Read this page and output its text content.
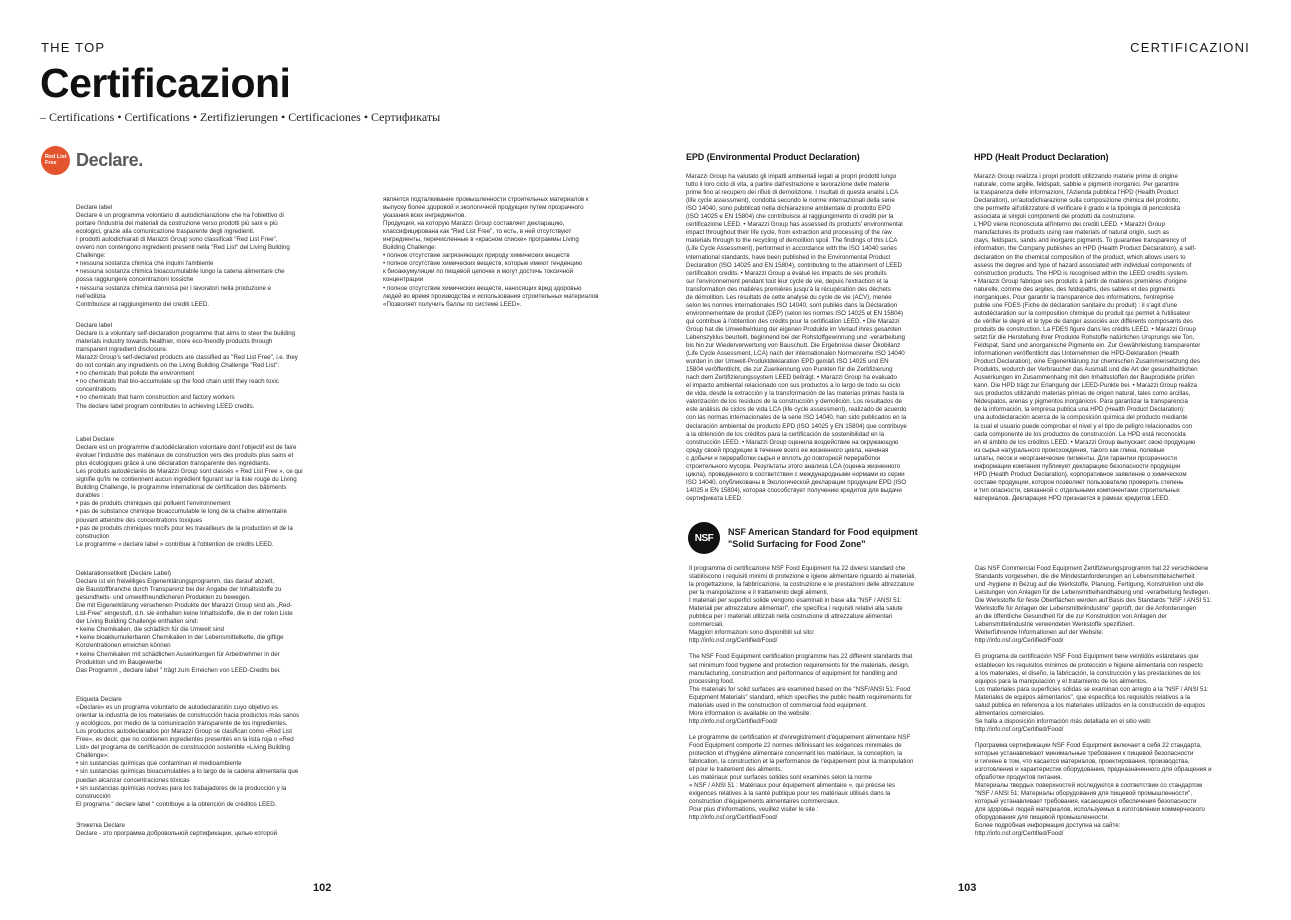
THE TOP	CERTIFICAZIONI
Certificazioni
– Certifications • Certifications • Zertifizierungen • Certificaciones • Сертификаты
Red List Free	Declare.

Declare label
Declare è un programma volontario di autodichiarazione che ha l'obiettivo di
portare l'industria dei materiali da costruzione verso prodotti più sani e più
ecologici, grazie alla comunicazione trasparente degli ingredienti.
I prodotti autodichiarati di Marazzi Group sono classificati "Red List Free",
ovvero non contengono ingredienti presenti nella "Red List" del Living Building
Challenge:
• nessuna sostanza chimica che inquini l'ambiente
• nessuna sostanza chimica bioaccumulabile lungo la catena alimentare che
possa raggiungere concentrazioni tossiche
• nessuna sostanza chimica dannosa per i lavoratori nella produzione e
nell'edilizia
Contribuisce al raggiungimento dei crediti LEED.

Declare label
Declare is a voluntary self-declaration programme that aims to steer the building
materials industry towards healthier, more eco-friendly products through
transparent ingredient disclosure.
Marazzi Group's self-declared products are classified as "Red List Free", i.e. they
do not contain any ingredients on the Living Building Challenge "Red List":
• no chemicals that pollute the environment
• no chemicals that bio-accumulate up the food chain until they reach toxic
concentrations
• no chemicals that harm construction and factory workers
The declare label program contributes to achieving LEED credits.

Label Declare
Declare est un programme d'autodéclaration volontaire dont l'objectif est de faire
évoluer l'industrie des matériaux de construction vers des produits plus sains et
plus écologiques grâce à une déclaration transparente des ingrédiants.
Les produits autodéclarés de Marazzi Group sont classés « Red List Free », ce qui
signifie qu'ils ne contiennent aucun ingrédient figurant sur la liste rouge du Living
Building Challenge, le programme international de certification des bâtiments
durables :
• pas de produits chimiques qui polluent l'environnement
• pas de substance chimique bioaccumulable le long de la chaîne alimentaire
pouvant atteindre des concentrations toxiques
• pas de produits chimiques nocifs pour les travailleurs de la production et de la
construction
Le programme « declare label » contribue à l'obtention de crédits LEED.

Deklarationsetikett (Declare Label)
Declare ist ein freiwilliges Eigenerklärungsprogramm, das darauf abzielt,
die Baustoffbranche durch Transparenz bei der Angabe der Inhaltsstoffe zu
gesundheits- und umweltfreundlicheren Produkten zu bewegen.
Die mit Eigenerklärung versehenen Produkte der Marazzi Group sind als „Red-
List-Free" eingestuft, d.h. sie enthalten keine Inhaltsstoffe, die in der roten Liste
der Living Building Challenge enthalten sind:
• keine Chemikalien, die schädlich für die Umwelt sind
• keine bioakkumulierbaren Chemikalien in der Lebensmittelkette, die giftige
Konzentrationen erreichen können
• keine Chemikalien mit schädlichen Auswirkungen für Arbeitnehmer in der
Produktion und im Baugewerbe
Das Programm „ declare label " trägt zum Erreichen von LEED-Credits bei.

Etiqueta Declare
«Declare» es un programa voluntario de autodeclaración cuyo objetivo es
orientar la industria de los materiales de construcción hacia productos más sanos
y ecológicos, por medio de la comunicación transparente de los ingredientes.
Los productos autodeclarados por Marazzi Group se clasifican como «Red List
Free», es decir, que no contienen ingredientes presentes en la lista roja o «Red
List» del programa de certificación de construcción sostenible «Living Building
Challenge»:
• sin sustancias químicas que contaminan el medioambiente
• sin sustancias químicas bioacumulables a lo largo de la cadena alimentaria que
puedan alcanzar concentraciones tóxicas
• sin sustancias químicas nocivas para los trabajadores de la producción y la
construcción
El programa " declare label " contribuye a la obtención de créditos LEED.

Этикетка Declare
Declare - это программа добровольной сертификации, целью которой

является подталкивание промышленности строительных материалов к
выпуску более здоровой и экологичной продукции путем прозрачного
указания всех ингредиентов.
Продукция, на которую Marazzi Group составляет декларацию,
классифицирована как "Red List Free", то есть, в ней отсутствуют
ингредиенты, перечисленные в «красном списке» программы Living
Building Challenge:
• полное отсутствие загрязняющих природу химических веществ
• полное отсутствие химических веществ, которые имеют тенденцию
к биоаккумуляции по пищевой цепочке и могут достичь токсичной
концентрации
• полное отсутствие химических веществ, наносящих вред здоровью
людей во время производства и использования строительных материалов
«Позволяет получить баллы по системе LEED».
EPD (Environmental Product Declaration)
Marazzi Group ha valutato gli impatti ambientali legati ai propri prodotti lungo
tutto il loro ciclo di vita, a partire dall'estrazione e lavorazione delle materie
prime fino al recupero dei rifiuti di demolizione. I risultati di questa analisi LCA
(life cycle assessment), condotta secondo le norme internazionali della serie
ISO 14040, sono pubblicati nella dichiarazione ambientale di prodotto EPD
(ISO 14025 e EN 15804) che contribuisce al raggiungimento di crediti per la
certificazione LEED. • Marazzi Group has assessed its products' environmental
impact throughout their life cycle, from extraction and processing of the raw
materials through to the recycling of demolition spoil. The findings of this LCA
(Life Cycle Assessment), performed in accordance with the ISO 14040 series
international standards, have been published in the Environmental Product
Declaration (ISO 14025 and EN 15804), contributing to the attainment of LEED
certification credits. • Marazzi Group a évalué les impacts de ses produits
sur l'environnement pendant tout leur cycle de vie, depuis l'extraction et la
transformation des matières premières jusqu'à la récupération des déchets
de démolition. Les résultats de cette analyse du cycle de vie (ACV), menée
selon les normes internationales ISO 14040, sont publiés dans la Déclaration
environnementale de produit (DEP) (selon les normes ISO 14025 et EN 15804)
qui contribue à l'obtention des crédits pour la certification LEED. • Die Marazzi
Group hat die Umweltwirkung der eigenen Produkte im Verlauf ihres gesamten
Lebenszyklus beurteilt, beginnend bei der Rohstoffgewinnung und -verarbeitung
bis hin zur Wiederverwertung von Bauschutt. Die Ergebnisse dieser Ökobilanz
(Life Cycle Assessment, LCA) nach der internationalen Normenreihe ISO 14040
wurden in der Umwelt-Produktdeklaration EPD gemäß ISO 14025 und EN
15804 veröffentlicht, die zur Zuerkennung von Punkten für die Zertifizierung
nach dem Zertifizierungssystem LEED beiträgt. • Marazzi Group ha evaluado
el impacto ambiental relacionado con sus productos a lo largo de todo su ciclo
de vida, desde la extracción y la transformación de las materias primas hasta la
valorización de los residuos de la construcción y demolición. Los resultados de
este análisis de ciclos de vida LCA (life cycle assessment), realizado de acuerdo
con las normas internacionales de la serie ISO 14040, han sido publicados en la
declaración ambiental de producto EPD (ISO 14025 y EN 15804) que contribuye
a la obtención de los créditos para la certificación de sostenibilidad en la
construcción LEED. • Marazzi Group оценила воздействие на окружающую
среду своей продукции в течение всего ее жизненного цикла, начиная
с добычи и переработки сырья и вплоть до повторной переработки
строительного мусора. Результаты этого анализа LCA (оценка жизненного
цикла), проведенного в соответствии с международными нормами из серии
ISO 14040, опубликованы в Экологической декларации продукции EPD (ISO
14025 и EN 15804), которая способствует получению кредитов для выдачи
сертификата LEED.
HPD (Healt Product Declaration)
Marazzi Group realizza i propri prodotti utilizzando materie prime di origine
naturale, come argille, feldspati, sabbie e pigmenti inorganici. Per garantire
la trasparenza delle informazioni, l'Azienda pubblica l'HPD (Health Product
Declaration), un'autodichiarazione sulla composizione chimica del prodotto,
che permette all'utilizzatore di verificare il grado e la tipologia di pericolosità
associata ai singoli componenti dei prodotti da costruzione.
L'HPD viene riconosciuta all'interno dei crediti LEED. • Marazzi Group
manufactures its products using raw materials of natural origin, such as
clays, feldspars, sands and inorganic pigments. To guarantee transparency of
information, the Company publishes an HPD (Health Product Declaration), a self-
declaration on the chemical composition of the product, which allows users to
assess the degree and type of hazard associated with individual components of
construction products. The HPD is recognised within the LEED credits system.
• Marazzi Group fabrique ses produits à partir de matières premières d'origine
naturelle, comme des argiles, des feldspaths, des sables et des pigments
inorganiques. Pour garantir la transparence des informations, l'entreprise
publie une FDES (Fiche de déclaration sanitaire du produit) : il s'agit d'une
autodéclaration sur la composition chimique du produit qui permet à l'utilisateur
de vérifier le degré et le type de danger associés aux différents composants des
produits de construction. La FDES figure dans les crédits LEED. • Marazzi Group
setzt für die Herstellung ihrer Produkte Rohstoffe natürlichen Ursprungs wie Ton,
Feldspat, Sand und anorganische Pigmente ein. Zur Gewährleistung transparenter
Informationen veröffentlicht das Unternehmen die HPD-Deklaration (Health
Product Declaration), eine Eigenerklärung zur chemischen Zusammensetzung des
Produkts, wodurch der Verbraucher das Ausmaß und die Art der gesundheitlichen
Auswirkungen im Zusammenhang mit den Inhaltsstoffen der Bauprodukte prüfen
kann. Die HPD trägt zur Erlangung der LEED-Punkte bei. • Marazzi Group realiza
sus productos utilizando materias primas de origen natural, tales como arcillas,
feldespatos, arenas y pigmentos inorgánicos. Para garantizar la transparencia
de la información, la empresa publica una HPD (Health Product Declaration):
una autodeclaración acerca de la composición química del producto mediante
la cual el usuario puede comprobar el nivel y el tipo de peligro relacionados con
cada componente de los productos de construcción. La HPD está reconocida
en el ámbito de los créditos LEED. • Marazzi Group выпускает свою продукцию
из сырья натурального происхождения, такого как глина, полевые
шпаты, песок и неорганические пигменты. Для гарантии прозрачности
информации компания публикует декларацию безопасности продукции
HPD (Health Product Declaration), корпоративное заявление о химическом
составе продукции, которое позволяет пользователю проверить степень
и тип опасности, связанной с отдельными компонентами строительных
материалов. Декларация HPD признается в рамках кредитов LEED.
NSF
NSF American Standard for Food equipment
"Solid Surfacing for Food Zone"
Il programma di certificazione NSF Food Equipment ha 22 diversi standard che
stabiliscono i requisiti minimi di protezione e igiene alimentare riguardo ai materiali,
la progettazione, la fabbricazione, la costruzione e le prestazioni delle attrezzature
per la manipolazione e il trattamento degli alimenti.
I materiali per superfici solide vengono esaminati in base alla "NSF / ANSI 51:
Materiali per attrezzature alimentari", che specifica i requisiti relativi alla salute
pubblica per i materiali utilizzati nella costruzione di attrezzature alimentari
commerciali.
Maggiori informazioni sono disponibili sul sito:
http://info.nsf.org/Certified/Food/
The NSF Food Equipment certification programme has 22 different standards that
set minimum food hygiene and protection requirements for the materials, design,
manufacturing, construction and performance of equipment for handling and
processing food.
The materials for solid surfaces are examined based on the "NSF/ANSI 51: Food
Equipment Materials" standard, which specifies the public health requirements for
materials used in the construction of commercial food equipment.
More information is available on the website:
http://info.nsf.org/Certified/Food/
Le programme de certification et d'enregistrement d'équipement alimentaire NSF
Food Equipment comporte 22 normes définissant les exigences minimales de
protection et d'hygiène alimentaire concernant les matériaux, la conception, la
fabrication, la construction et la performance de l'équipement pour la manipulation
et pour le traitement des aliments.
Les matériaux pour surfaces solides sont examinés selon la norme
« NSF / ANSI 51 : Matériaux pour équipement alimentaire », qui précise les
exigences relatives à la santé publique pour les matériaux utilisés dans la
construction d'équipements alimentaires commerciaux.
Pour plus d'informations, veuillez visiter le site :
http://info.nsf.org/Certified/Food/
Das NSF Commercial Food Equipment Zertifizierungsprogramm hat 22 verschiedene
Standards vorgesehen, die die Mindestanforderungen an Lebensmittelsicherheit
und -hygiene in Bezug auf die Werkstoffe, Planung, Fertigung, Konstruktion und die
Leistungen von Anlagen für die Lebensmittelhandhabung und -verarbeitung festlegen.
Die Werkstoffe für feste Oberflächen werden auf Basis des Standards "NSF / ANSI 51:
Werkstoffe für Anlagen der Lebensmittelindustrie" geprüft, der die Anforderungen
an die öffentliche Gesundheit für die zur Konstruktion von Anlagen der
Lebensmittelindustrie verwendeten Werkstoffe spezifiziert.
Weiterführende Informationen auf der Website:
http://info.nsf.org/Certified/Food/
El programa de certificación NSF Food Equipment tiene veintidós estándares que
establecen los requisitos mínimos de protección e higiene alimentaria con respecto
a los materiales, el diseño, la fabricación, la construcción y las prestaciones de los
equipos para la manipulación y el tratamiento de los alimentos.
Los materiales para superficies sólidas se examinan con arreglo a la "NSF / ANSI 51:
Materiales de equipos alimentarios", que especifica los requisitos relativos a la
salud pública en referencia a los materiales utilizados en la construcción de equipos
alimentarios comerciales.
Se halla a disposición información más detallada en el sitio web:
http://info.nsf.org/Certified/Food/
Программа сертификации NSF Food Equipment включает в себя 22 стандарта,
которые устанавливают минимальные требования к пищевой безопасности
и гигиене в том, что касается материалов, проектирования, производства,
изготовления и характеристик оборудования, предназначенного для обращения и
обработки продуктов питания.
Материалы твердых поверхностей исследуются в соответствии со стандартом
"NSF / ANSI 51: Материалы оборудования для пищевой промышленности",
который устанавливает требования, касающиеся обеспечения безопасности
для здоровья людей материалов, используемых в изготовлении коммерческого
оборудования для пищевой промышленности.
Более подробная информация доступна на сайте:
http://info.nsf.org/Certified/Food/
102	103
